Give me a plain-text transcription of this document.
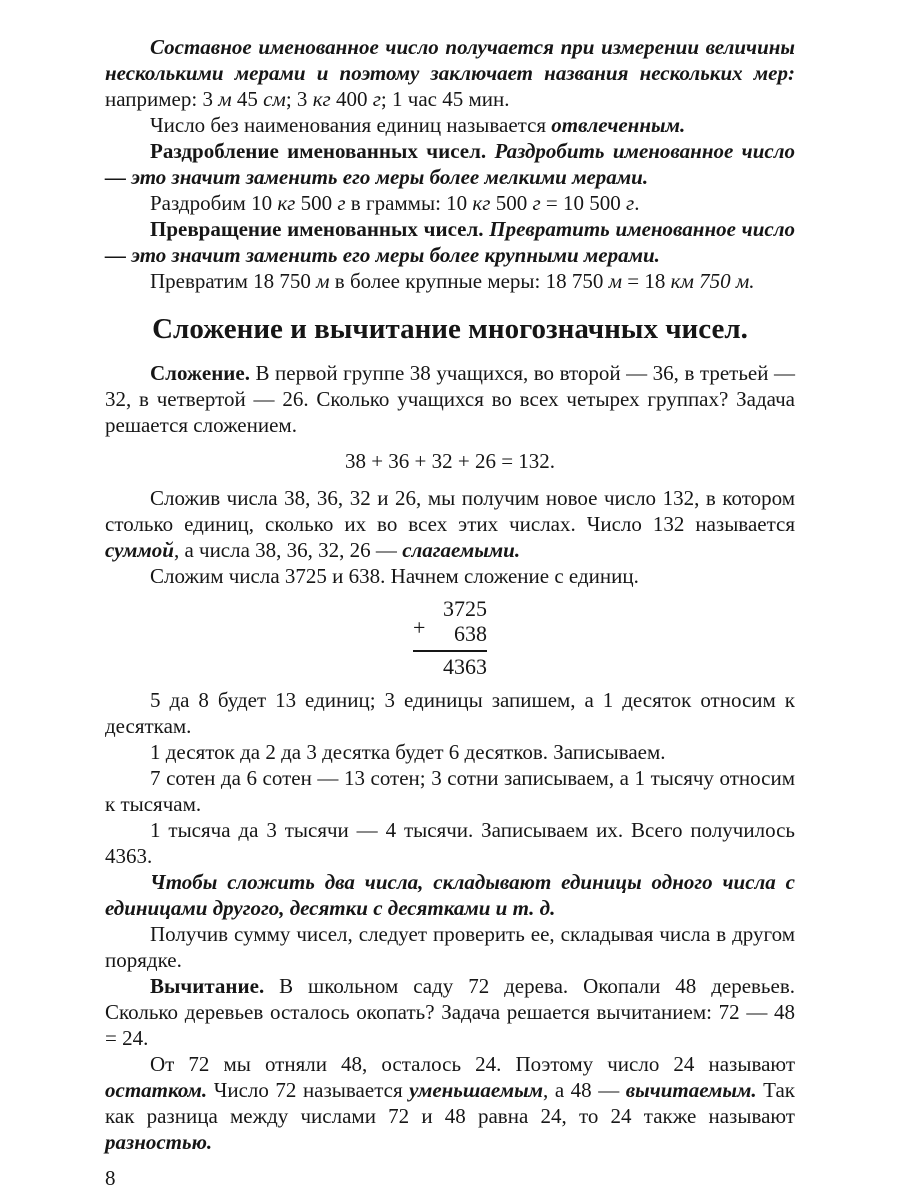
Составное именованное число получается при измерении величины несколькими мерами и поэтому заключает названия нескольких мер: например: 3 м 45 см; 3 кг 400 г; 1 час 45 мин.

Число без наименования единиц называется отвлеченным.

Раздробление именованных чисел. Раздробить именованное число — это значит заменить его меры более мелкими мерами.

Раздробим 10 кг 500 г в граммы: 10 кг 500 г = 10 500 г.

Превращение именованных чисел. Превратить именованное число — это значит заменить его меры более крупными мерами.

Превратим 18 750 м в более крупные меры: 18 750 м = 18 км 750 м.

Сложение и вычитание многозначных чисел.

Сложение. В первой группе 38 учащихся, во второй — 36, в третьей — 32, в четвертой — 26. Сколько учащихся во всех четырех группах? Задача решается сложением.

38 + 36 + 32 + 26 = 132.

Сложив числа 38, 36, 32 и 26, мы получим новое число 132, в котором столько единиц, сколько их во всех этих числах. Число 132 называется суммой, а числа 38, 36, 32, 26 — слагаемыми.

Сложим числа 3725 и 638. Начнем сложение с единиц.

+
3725
638
4363

5 да 8 будет 13 единиц; 3 единицы запишем, а 1 десяток относим к десяткам.

1 десяток да 2 да 3 десятка будет 6 десятков. Записываем.

7 сотен да 6 сотен — 13 сотен; 3 сотни записываем, а 1 тысячу относим к тысячам.

1 тысяча да 3 тысячи — 4 тысячи. Записываем их. Всего получилось 4363.

Чтобы сложить два числа, складывают единицы одного числа с единицами другого, десятки с десятками и т. д.

Получив сумму чисел, следует проверить ее, складывая числа в другом порядке.

Вычитание. В школьном саду 72 дерева. Окопали 48 деревьев. Сколько деревьев осталось окопать? Задача решается вычитанием: 72 — 48 = 24.

От 72 мы отняли 48, осталось 24. Поэтому число 24 называют остатком. Число 72 называется уменьшаемым, а 48 — вычитаемым. Так как разница между числами 72 и 48 равна 24, то 24 также называют разностью.

8
